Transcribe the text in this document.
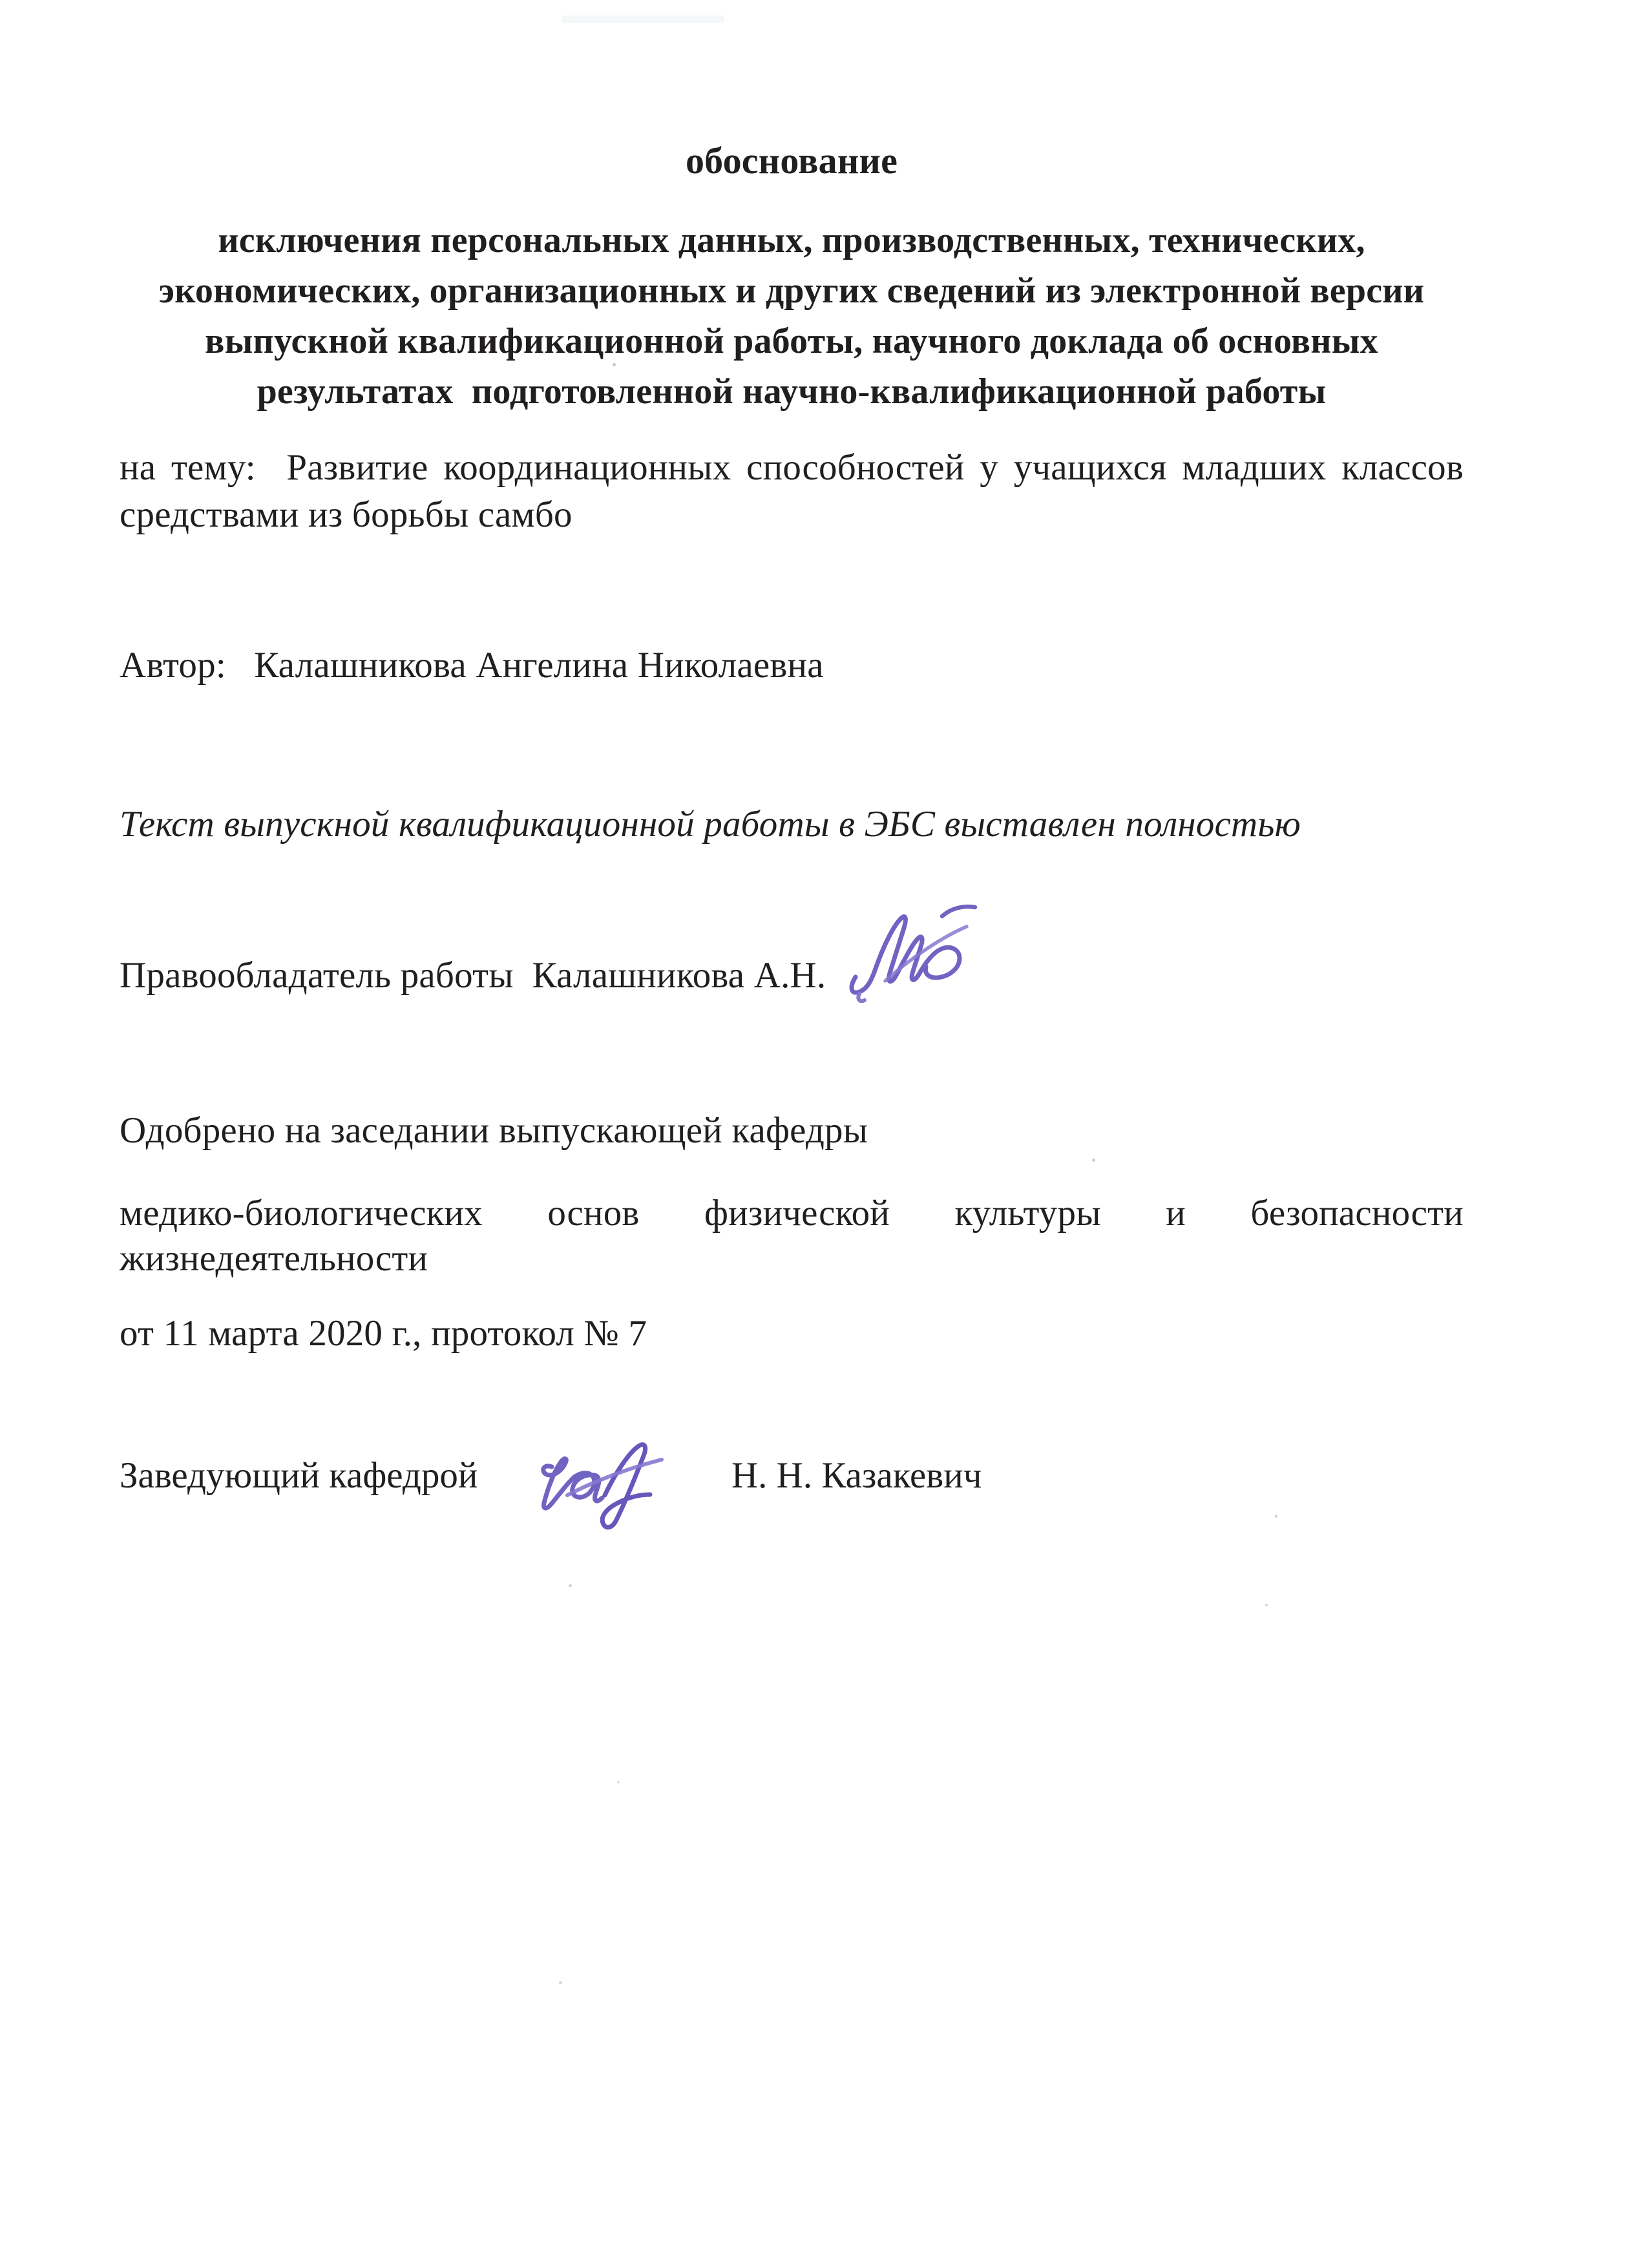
обоснование
исключения персональных данных, производственных, технических,
экономических, организационных и других сведений из электронной версии
выпускной квалификационной работы, научного доклада об основных
результатах  подготовленной научно-квалификационной работы
на тему:  Развитие координационных способностей у учащихся младших классов
средствами из борьбы самбо
Автор:   Калашникова Ангелина Николаевна
Текст выпускной квалификационной работы в ЭБС выставлен полностью
Правообладатель работы  Калашникова А.Н.
Одобрено на заседании выпускающей кафедры
медико-биологических основ физической культуры и безопасности
жизнедеятельности
от 11 марта 2020 г., протокол № 7
Заведующий кафедрой	Н. Н. Казакевич
